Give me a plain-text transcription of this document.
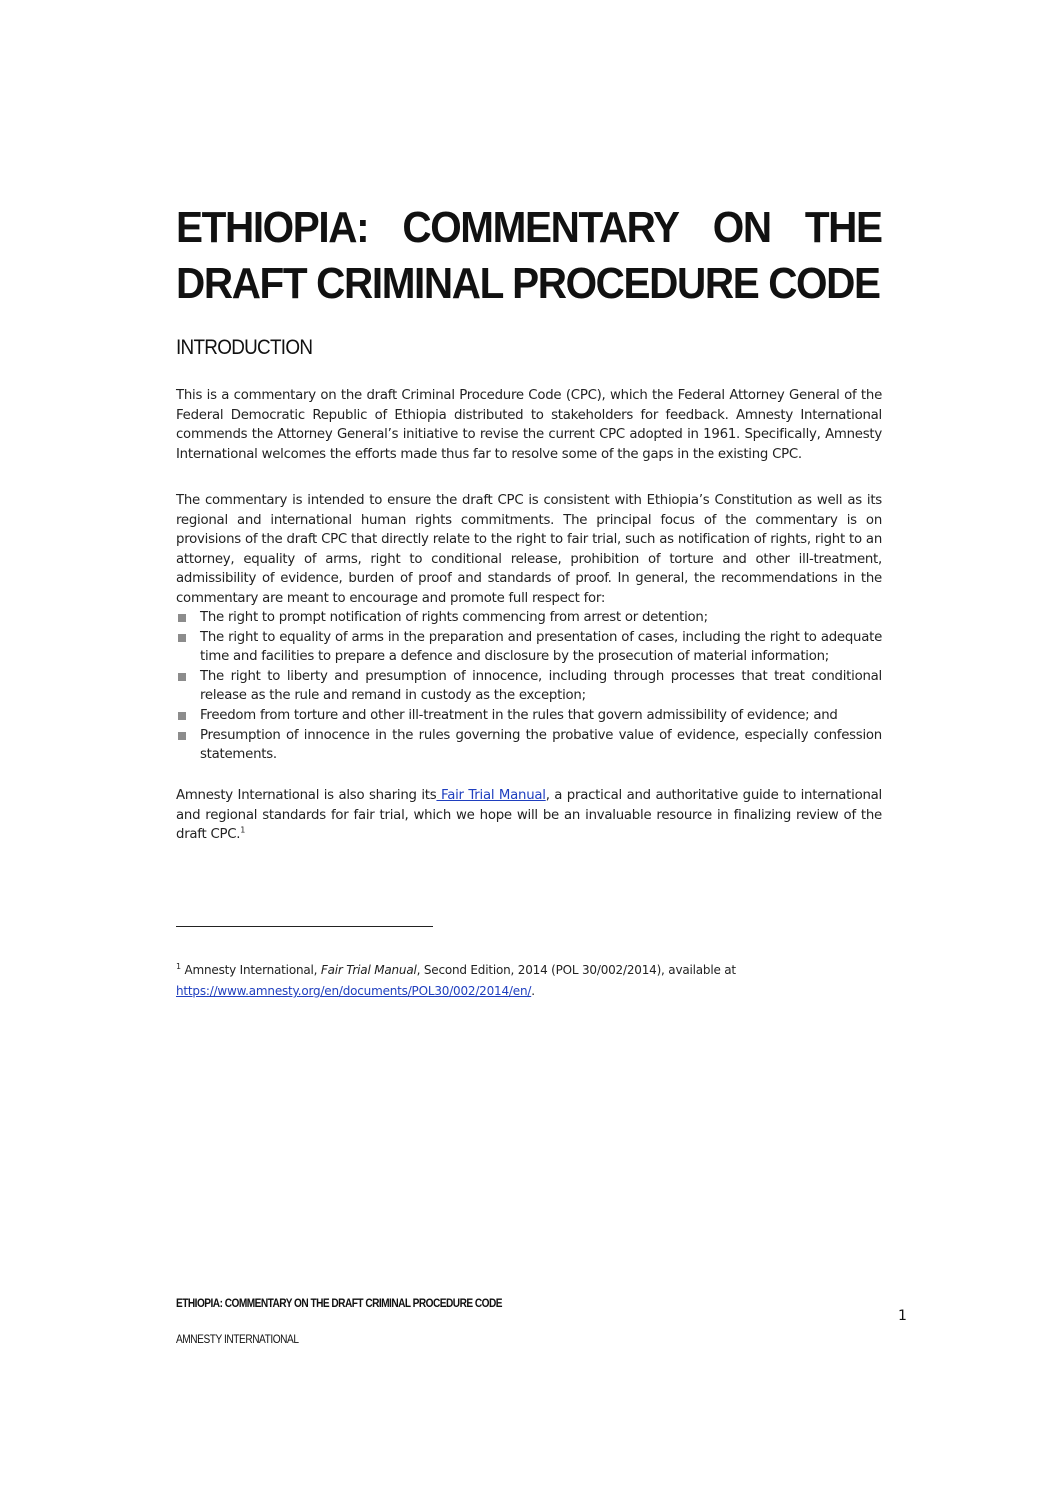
ETHIOPIA: COMMENTARY ON THE
DRAFT CRIMINAL PROCEDURE CODE
INTRODUCTION

This is a commentary on the draft Criminal Procedure Code (CPC), which the Federal Attorney General of the Federal Democratic Republic of Ethiopia distributed to stakeholders for feedback. Amnesty International commends the Attorney General’s initiative to revise the current CPC adopted in 1961. Specifically, Amnesty International welcomes the efforts made thus far to resolve some of the gaps in the existing CPC.

The commentary is intended to ensure the draft CPC is consistent with Ethiopia’s Constitution as well as its regional and international human rights commitments. The principal focus of the commentary is on provisions of the draft CPC that directly relate to the right to fair trial, such as notification of rights, right to an attorney, equality of arms, right to conditional release, prohibition of torture and other ill-treatment, admissibility of evidence, burden of proof and standards of proof. In general, the recommendations in the commentary are meant to encourage and promote full respect for:

The right to prompt notification of rights commencing from arrest or detention;
The right to equality of arms in the preparation and presentation of cases, including the right to adequate time and facilities to prepare a defence and disclosure by the prosecution of material information;
The right to liberty and presumption of innocence, including through processes that treat conditional release as the rule and remand in custody as the exception;
Freedom from torture and other ill-treatment in the rules that govern admissibility of evidence; and
Presumption of innocence in the rules governing the probative value of evidence, especially confession statements.

Amnesty International is also sharing its Fair Trial Manual, a practical and authoritative guide to international and regional standards for fair trial, which we hope will be an invaluable resource in finalizing review of the draft CPC.$^1$

$^1$ Amnesty International, Fair Trial Manual, Second Edition, 2014 (POL 30/002/2014), available at
https://www.amnesty.org/en/documents/POL30/002/2014/en/.

ETHIOPIA: COMMENTARY ON THE DRAFT CRIMINAL PROCEDURE CODE
AMNESTY INTERNATIONAL
1
